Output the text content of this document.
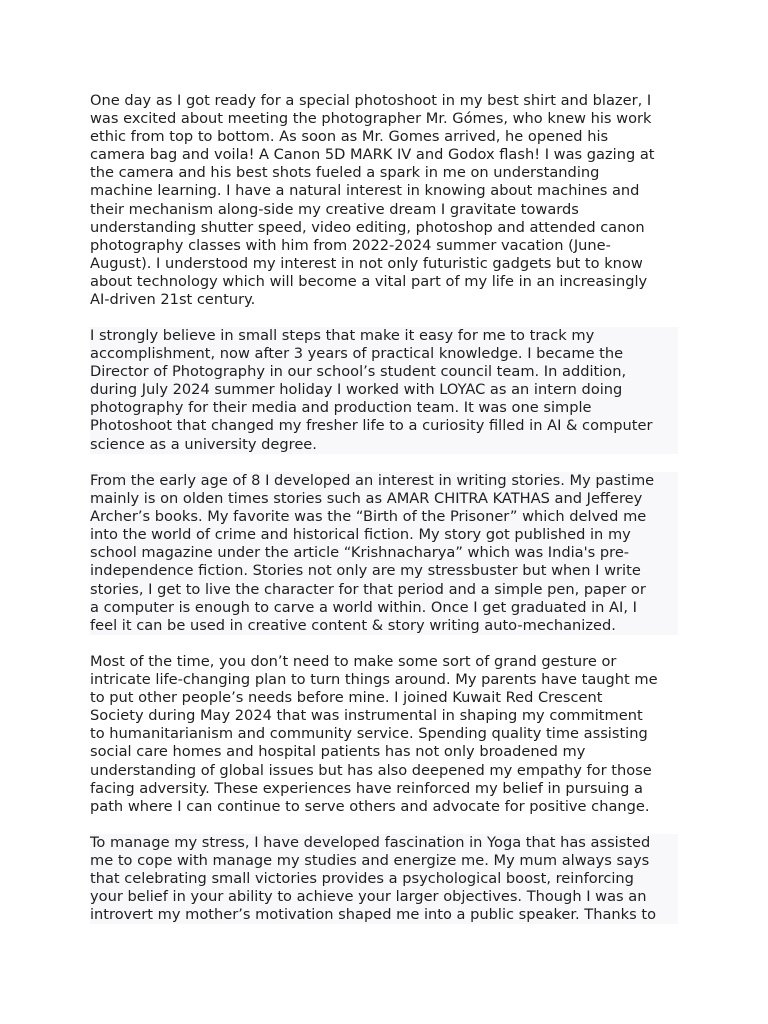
One day as I got ready for a special photoshoot in my best shirt and blazer, I
was excited about meeting the photographer Mr. Gómes, who knew his work
ethic from top to bottom. As soon as Mr. Gomes arrived, he opened his
camera bag and voila! A Canon 5D MARK IV and Godox flash! I was gazing at
the camera and his best shots fueled a spark in me on understanding
machine learning. I have a natural interest in knowing about machines and
their mechanism along-side my creative dream I gravitate towards
understanding shutter speed, video editing, photoshop and attended canon
photography classes with him from 2022-2024 summer vacation (June-
August). I understood my interest in not only futuristic gadgets but to know
about technology which will become a vital part of my life in an increasingly
AI-driven 21st century.

I strongly believe in small steps that make it easy for me to track my
accomplishment, now after 3 years of practical knowledge. I became the
Director of Photography in our school’s student council team. In addition,
during July 2024 summer holiday I worked with LOYAC as an intern doing
photography for their media and production team. It was one simple
Photoshoot that changed my fresher life to a curiosity filled in AI & computer
science as a university degree.

From the early age of 8 I developed an interest in writing stories. My pastime
mainly is on olden times stories such as AMAR CHITRA KATHAS and Jefferey
Archer’s books. My favorite was the “Birth of the Prisoner” which delved me
into the world of crime and historical fiction. My story got published in my
school magazine under the article “Krishnacharya” which was India's pre-
independence fiction. Stories not only are my stressbuster but when I write
stories, I get to live the character for that period and a simple pen, paper or
a computer is enough to carve a world within. Once I get graduated in AI, I
feel it can be used in creative content & story writing auto-mechanized.

Most of the time, you don’t need to make some sort of grand gesture or
intricate life-changing plan to turn things around. My parents have taught me
to put other people’s needs before mine. I joined Kuwait Red Crescent
Society during May 2024 that was instrumental in shaping my commitment
to humanitarianism and community service. Spending quality time assisting
social care homes and hospital patients has not only broadened my
understanding of global issues but has also deepened my empathy for those
facing adversity. These experiences have reinforced my belief in pursuing a
path where I can continue to serve others and advocate for positive change.

To manage my stress, I have developed fascination in Yoga that has assisted
me to cope with manage my studies and energize me. My mum always says
that celebrating small victories provides a psychological boost, reinforcing
your belief in your ability to achieve your larger objectives. Though I was an
introvert my mother’s motivation shaped me into a public speaker. Thanks to
